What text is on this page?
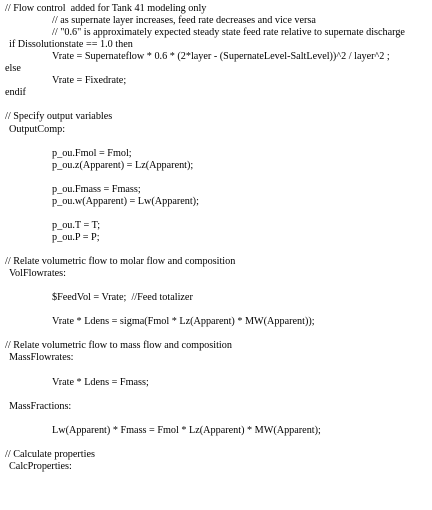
// Flow control  added for Tank 41 modeling only
// as supernate layer increases, feed rate decreases and vice versa
// "0.6" is approximately expected steady state feed rate relative to supernate discharge
if Dissolutionstate == 1.0 then
Vrate = Supernateflow * 0.6 * (2*layer - (SupernateLevel-SaltLevel))^2 / layer^2 ;
else
Vrate = Fixedrate;
endif
// Specify output variables
OutputComp:
p_ou.Fmol = Fmol;
p_ou.z(Apparent) = Lz(Apparent);
p_ou.Fmass = Fmass;
p_ou.w(Apparent) = Lw(Apparent);
p_ou.T = T;
p_ou.P = P;
// Relate volumetric flow to molar flow and composition
VolFlowrates:
$FeedVol = Vrate;  //Feed totalizer
Vrate * Ldens = sigma(Fmol * Lz(Apparent) * MW(Apparent));
// Relate volumetric flow to mass flow and composition
MassFlowrates:
Vrate * Ldens = Fmass;
MassFractions:
Lw(Apparent) * Fmass = Fmol * Lz(Apparent) * MW(Apparent);
// Calculate properties
CalcProperties:
